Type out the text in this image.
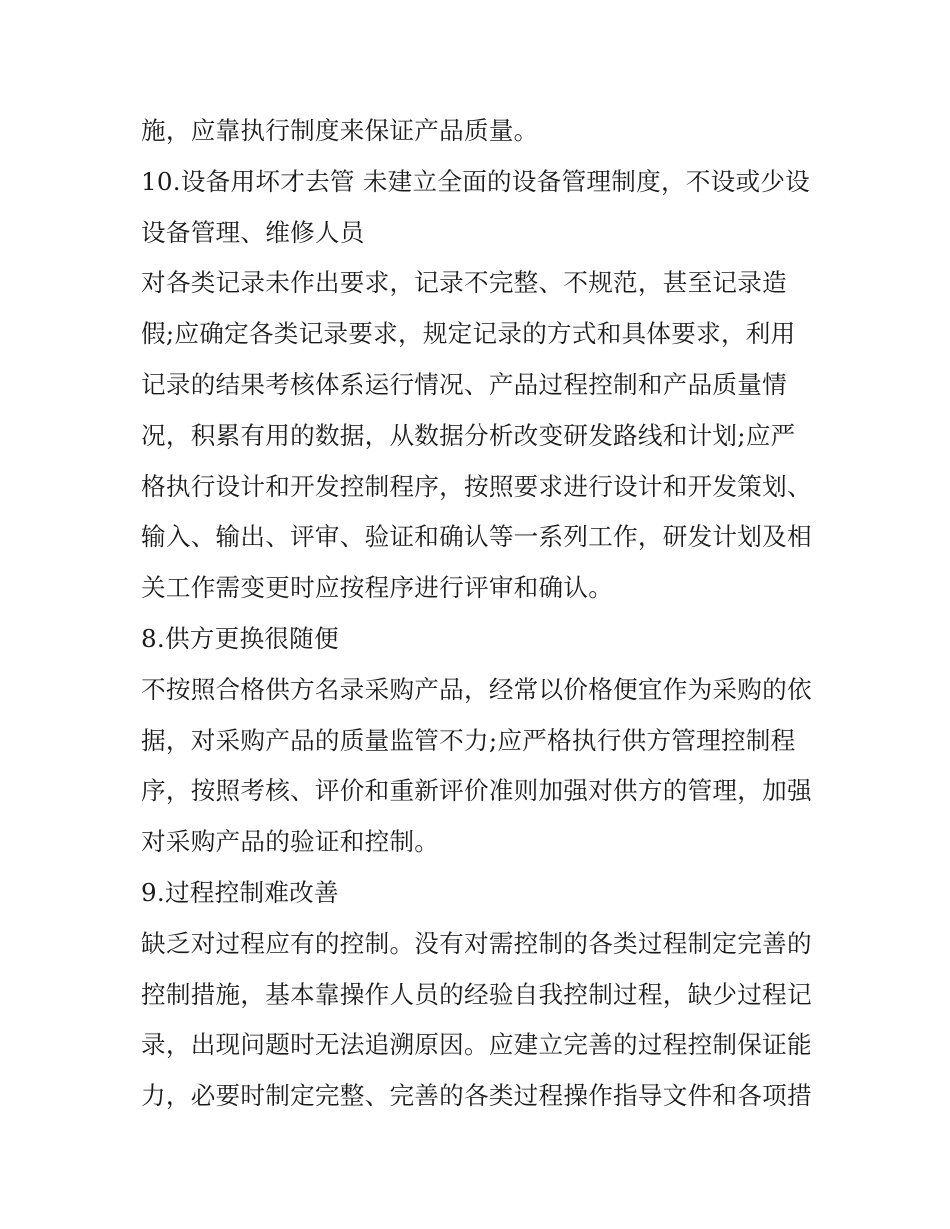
施，应靠执行制度来保证产品质量。
10.设备用坏才去管 未建立全面的设备管理制度，不设或少设
设备管理、维修人员
对各类记录未作出要求，记录不完整、不规范，甚至记录造
假;应确定各类记录要求，规定记录的方式和具体要求，利用
记录的结果考核体系运行情况、产品过程控制和产品质量情
况，积累有用的数据，从数据分析改变研发路线和计划;应严
格执行设计和开发控制程序，按照要求进行设计和开发策划、
输入、输出、评审、验证和确认等一系列工作，研发计划及相
关工作需变更时应按程序进行评审和确认。
8.供方更换很随便
不按照合格供方名录采购产品，经常以价格便宜作为采购的依
据，对采购产品的质量监管不力;应严格执行供方管理控制程
序，按照考核、评价和重新评价准则加强对供方的管理，加强
对采购产品的验证和控制。
9.过程控制难改善
缺乏对过程应有的控制。没有对需控制的各类过程制定完善的
控制措施，基本靠操作人员的经验自我控制过程，缺少过程记
录，出现问题时无法追溯原因。应建立完善的过程控制保证能
力，必要时制定完整、完善的各类过程操作指导文件和各项措
